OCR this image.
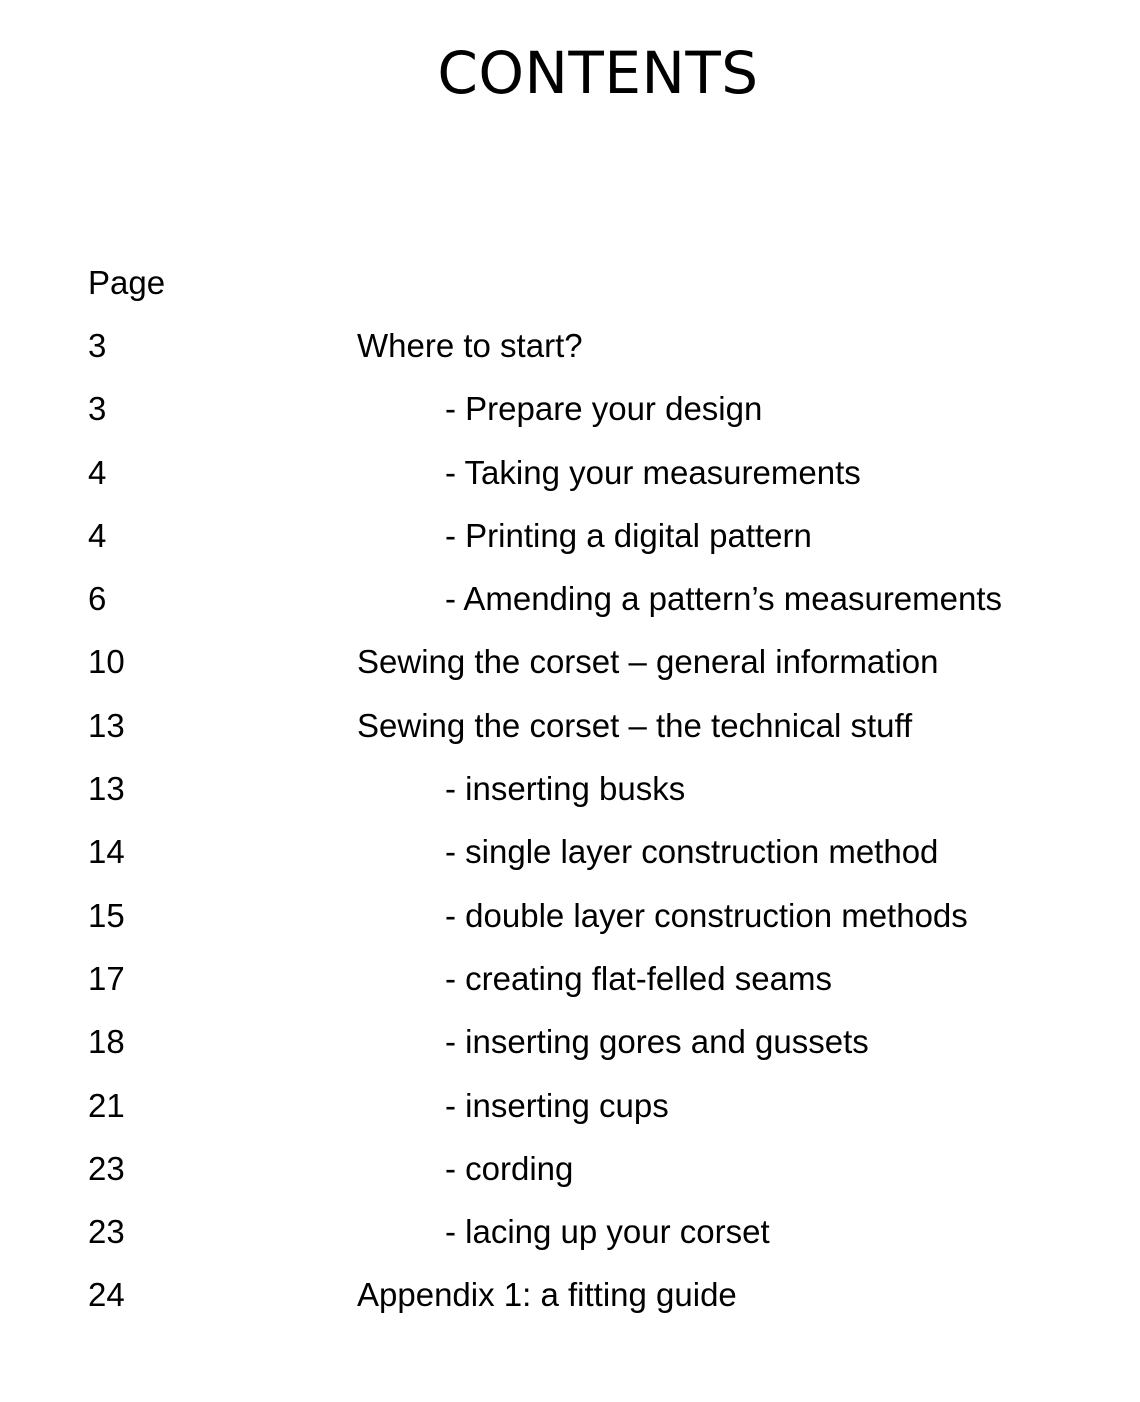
CONTENTS
Page
3	Where to start?
3	- Prepare your design
4	- Taking your measurements
4	- Printing a digital pattern
6	- Amending a pattern’s measurements
10	Sewing the corset – general information
13	Sewing the corset – the technical stuff
13	- inserting busks
14	- single layer construction method
15	- double layer construction methods
17	- creating flat-felled seams
18	- inserting gores and gussets
21	- inserting cups
23	- cording
23	- lacing up your corset
24	Appendix 1: a fitting guide
